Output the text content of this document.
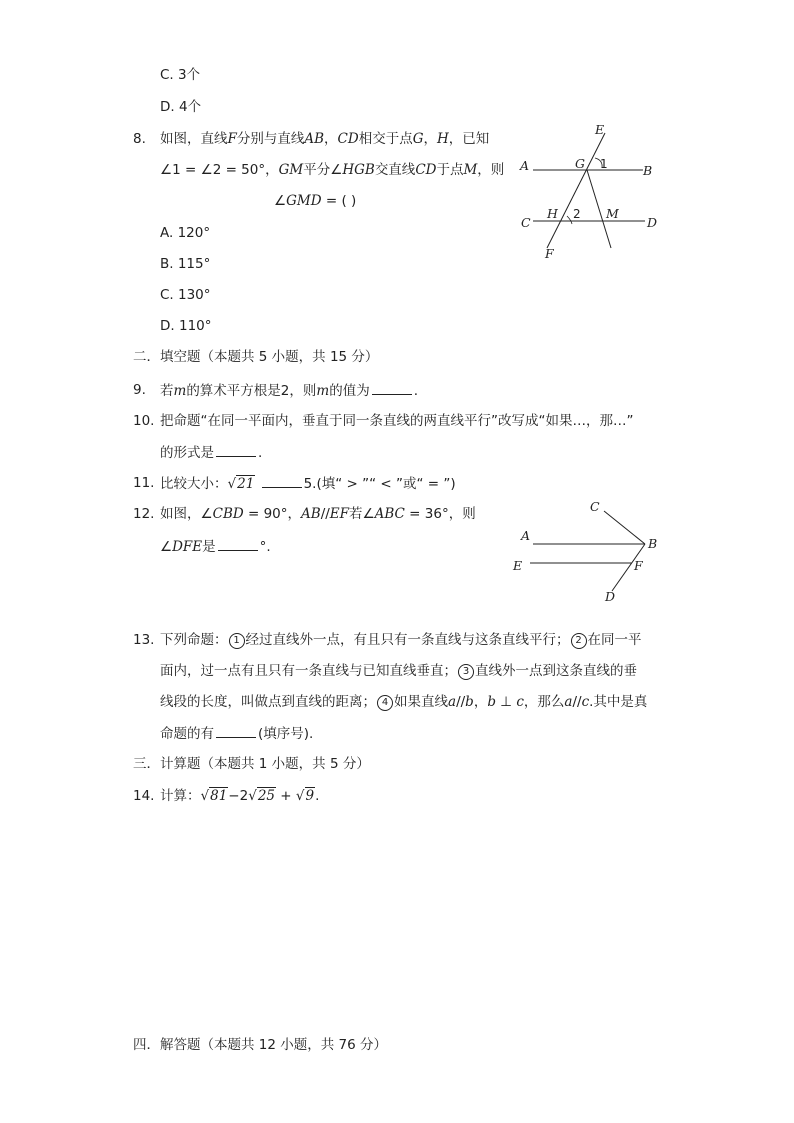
C. 3个
D. 4个
8. 如图，直线F分别与直线AB，CD相交于点G，H，已知
∠1 = ∠2 = 50°，GM平分∠HGB交直线CD于点M，则
∠GMD = ( )
A. 120°
B. 115°
C. 130°
D. 110°
E
A	G 1	B
C
H 2 M
D
F
二．填空题（本题共 5 小题，共 15 分）
9. 若m的算术平方根是2，则m的值为	.
10. 把命题“在同一平面内，垂直于同一条直线的两直线平行”改写成“如果…，那…”
的形式是	.
11. 比较大小：√21	5.(填“ > ”“ < ”或“ = ”)
12. 如图，∠CBD = 90°，AB//EF若∠ABC = 36°，则
∠DFE是	°.
C
A
B
E	F
D
13. 下列命题： 1 经过直线外一点，有且只有一条直线与这条直线平行； 2 在同一平
面内，过一点有且只有一条直线与已知直线垂直； 3 直线外一点到这条直线的垂
线段的长度，叫做点到直线的距离； 4 如果直线a//b，b ⊥ c，那么a//c.其中是真
命题的有	(填序号).
三．计算题（本题共 1 小题，共 5 分）
14. 计算：√81−2√25 + √9.
四．解答题（本题共 12 小题，共 76 分）
